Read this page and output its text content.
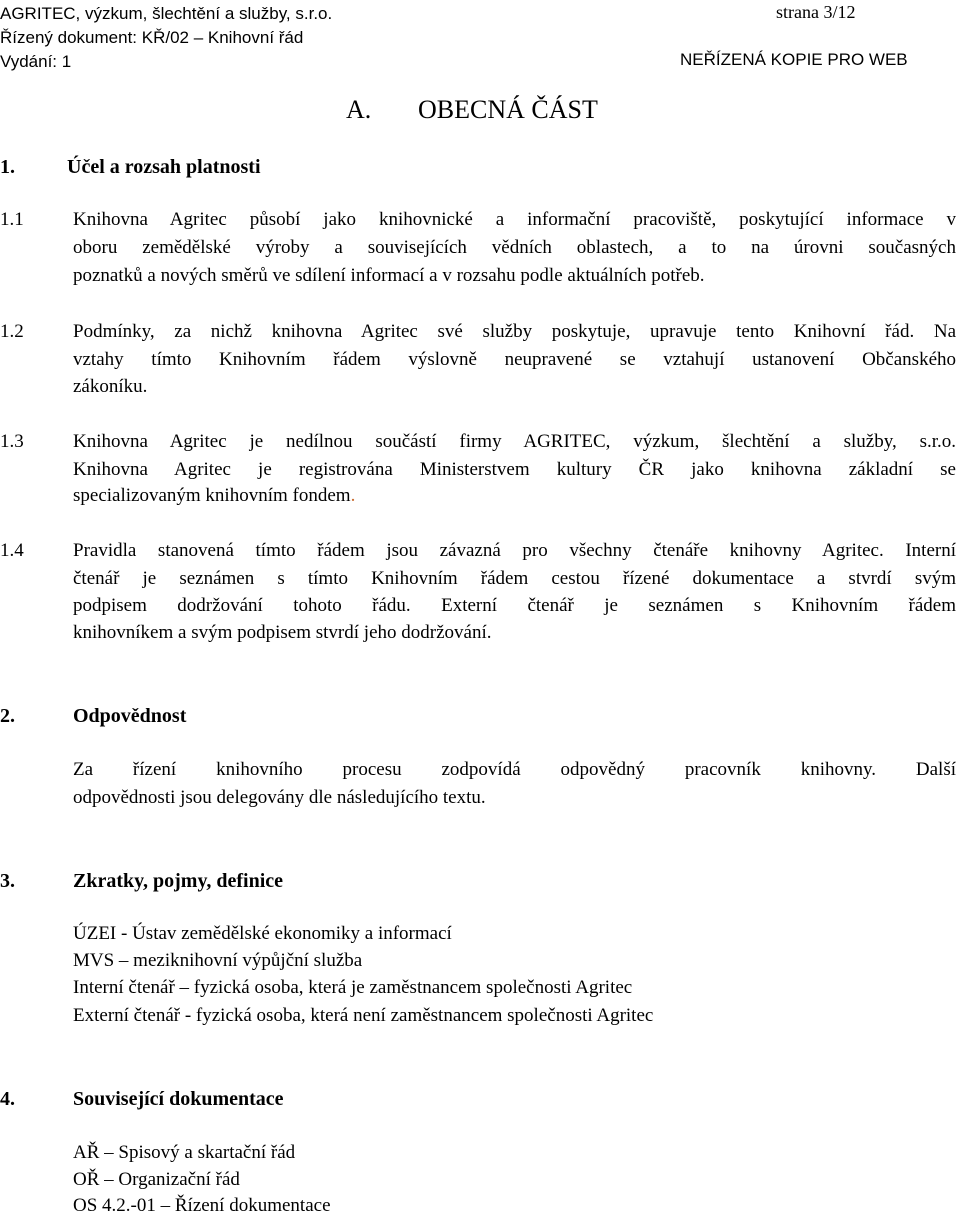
AGRITEC, výzkum, šlechtění a služby, s.r.o.
Řízený dokument: KŘ/02 – Knihovní řád
Vydání: 1
strana 3/12
NEŘÍZENÁ KOPIE PRO WEB
A. OBECNÁ ČÁST
1.	Účel a rozsah platnosti
1.1	Knihovna Agritec působí jako knihovnické a informační pracoviště, poskytující informace v
oboru zemědělské výroby a souvisejících vědních oblastech, a to na úrovni současných
poznatků a nových směrů ve sdílení informací a v rozsahu podle aktuálních potřeb.
1.2	Podmínky, za nichž knihovna Agritec své služby poskytuje, upravuje tento Knihovní řád. Na
vztahy tímto Knihovním řádem výslovně neupravené se vztahují ustanovení Občanského
zákoníku.
1.3	Knihovna Agritec je nedílnou součástí firmy AGRITEC, výzkum, šlechtění a služby, s.r.o.
Knihovna Agritec je registrována Ministerstvem kultury ČR jako knihovna základní se
specializovaným knihovním fondem.
1.4	Pravidla stanovená tímto řádem jsou závazná pro všechny čtenáře knihovny Agritec. Interní
čtenář je seznámen s tímto Knihovním řádem cestou řízené dokumentace a stvrdí svým
podpisem dodržování tohoto řádu. Externí čtenář je seznámen s Knihovním řádem
knihovníkem a svým podpisem stvrdí jeho dodržování.
2.	Odpovědnost
Za řízení knihovního procesu zodpovídá odpovědný pracovník knihovny. Další
odpovědnosti jsou delegovány dle následujícího textu.
3.	Zkratky, pojmy, definice
ÚZEI - Ústav zemědělské ekonomiky a informací
MVS – meziknihovní výpůjční služba
Interní čtenář – fyzická osoba, která je zaměstnancem společnosti Agritec
Externí čtenář - fyzická osoba, která není zaměstnancem společnosti Agritec
4.	Související dokumentace
AŘ – Spisový a skartační řád
OŘ – Organizační řád
OS 4.2.-01 – Řízení dokumentace
